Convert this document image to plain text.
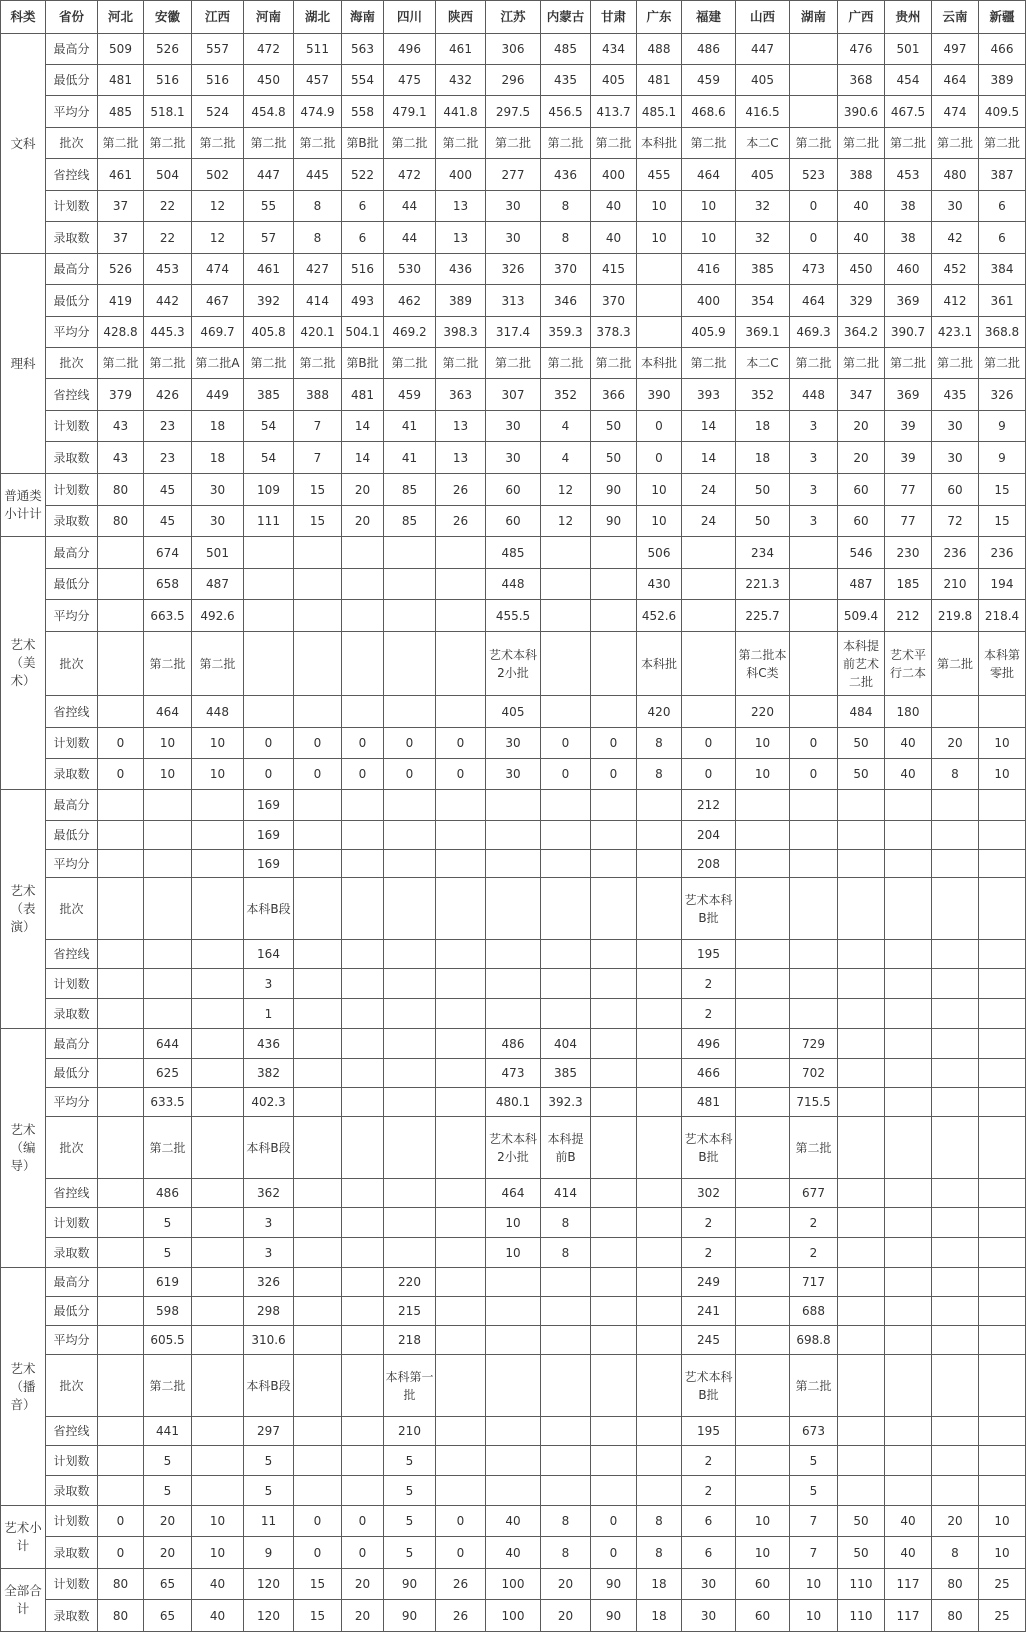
科类	省份	河北	安徽	江西	河南	湖北	海南	四川	陕西	江苏	内蒙古	甘肃	广东	福建	山西	湖南	广西	贵州	云南	新疆
文科	最高分	509	526	557	472	511	563	496	461	306	485	434	488	486	447		476	501	497	466
	最低分	481	516	516	450	457	554	475	432	296	435	405	481	459	405		368	454	464	389
	平均分	485	518.1	524	454.8	474.9	558	479.1	441.8	297.5	456.5	413.7	485.1	468.6	416.5		390.6	467.5	474	409.5
	批次	第二批	第二批	第二批	第二批	第二批	第B批	第二批	第二批	第二批	第二批	第二批	本科批	第二批	本二C	第二批	第二批	第二批	第二批	第二批
	省控线	461	504	502	447	445	522	472	400	277	436	400	455	464	405	523	388	453	480	387
	计划数	37	22	12	55	8	6	44	13	30	8	40	10	10	32	0	40	38	30	6
	录取数	37	22	12	57	8	6	44	13	30	8	40	10	10	32	0	40	38	42	6
理科	最高分	526	453	474	461	427	516	530	436	326	370	415		416	385	473	450	460	452	384
	最低分	419	442	467	392	414	493	462	389	313	346	370		400	354	464	329	369	412	361
	平均分	428.8	445.3	469.7	405.8	420.1	504.1	469.2	398.3	317.4	359.3	378.3		405.9	369.1	469.3	364.2	390.7	423.1	368.8
	批次	第二批	第二批	第二批A	第二批	第二批	第B批	第二批	第二批	第二批	第二批	第二批	本科批	第二批	本二C	第二批	第二批	第二批	第二批	第二批
	省控线	379	426	449	385	388	481	459	363	307	352	366	390	393	352	448	347	369	435	326
	计划数	43	23	18	54	7	14	41	13	30	4	50	0	14	18	3	20	39	30	9
	录取数	43	23	18	54	7	14	41	13	30	4	50	0	14	18	3	20	39	30	9
普通类小计计	计划数	80	45	30	109	15	20	85	26	60	12	90	10	24	50	3	60	77	60	15
	录取数	80	45	30	111	15	20	85	26	60	12	90	10	24	50	3	60	77	72	15
艺术（美术）	最高分		674	501						485			506		234		546	230	236	236
	最低分		658	487						448			430		221.3		487	185	210	194
	平均分		663.5	492.6						455.5			452.6		225.7		509.4	212	219.8	218.4
	批次		第二批	第二批						艺术本科2小批			本科批		第二批本科C类		本科提前艺术二批	艺术平行二本	第二批	本科第零批
	省控线		464	448						405			420		220		484	180		
	计划数	0	10	10	0	0	0	0	0	30	0	0	8	0	10	0	50	40	20	10
	录取数	0	10	10	0	0	0	0	0	30	0	0	8	0	10	0	50	40	8	10
艺术（表演）	最高分				169									212						
	最低分				169									204						
	平均分				169									208						
	批次				本科B段									艺术本科B批						
	省控线				164									195						
	计划数				3									2						
	录取数				1									2						
艺术（编导）	最高分		644		436					486	404			496		729				
	最低分		625		382					473	385			466		702				
	平均分		633.5		402.3					480.1	392.3			481		715.5				
	批次		第二批		本科B段					艺术本科2小批	本科提前B			艺术本科B批		第二批				
	省控线		486		362					464	414			302		677				
	计划数		5		3					10	8			2		2				
	录取数		5		3					10	8			2		2				
艺术（播音）	最高分		619		326			220						249		717				
	最低分		598		298			215						241		688				
	平均分		605.5		310.6			218						245		698.8				
	批次		第二批		本科B段			本科第一批						艺术本科B批		第二批				
	省控线		441		297			210						195		673				
	计划数		5		5			5						2		5				
	录取数		5		5			5						2		5				
艺术小计	计划数	0	20	10	11	0	0	5	0	40	8	0	8	6	10	7	50	40	20	10
	录取数	0	20	10	9	0	0	5	0	40	8	0	8	6	10	7	50	40	8	10
全部合计	计划数	80	65	40	120	15	20	90	26	100	20	90	18	30	60	10	110	117	80	25
	录取数	80	65	40	120	15	20	90	26	100	20	90	18	30	60	10	110	117	80	25
